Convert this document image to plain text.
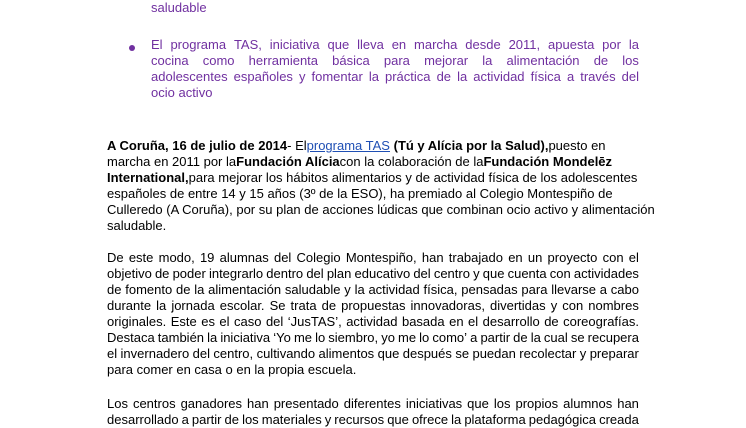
saludable
El programa TAS, iniciativa que lleva en marcha desde 2011, apuesta por la
cocina como herramienta básica para mejorar la alimentación de los
adolescentes españoles y fomentar la práctica de la actividad física a través del
ocio activo
A Coruña, 16 de julio de 2014- Elprograma TAS (Tú y Alícia por la Salud),puesto en
marcha en 2011 por laFundación Alíciacon la colaboración de laFundación Mondelēz
International,para mejorar los hábitos alimentarios y de actividad física de los adolescentes
españoles de entre 14 y 15 años (3º de la ESO), ha premiado al Colegio Montespiño de
Culleredo (A Coruña), por su plan de acciones lúdicas que combinan ocio activo y alimentación
saludable.
De este modo, 19 alumnas del Colegio Montespiño, han trabajado en un proyecto con el
objetivo de poder integrarlo dentro del plan educativo del centro y que cuenta con actividades
de fomento de la alimentación saludable y la actividad física, pensadas para llevarse a cabo
durante la jornada escolar. Se trata de propuestas innovadoras, divertidas y con nombres
originales. Este es el caso del ‘JusTAS’, actividad basada en el desarrollo de coreografías.
Destaca también la iniciativa ‘Yo me lo siembro, yo me lo como’ a partir de la cual se recupera
el invernadero del centro, cultivando alimentos que después se puedan recolectar y preparar
para comer en casa o en la propia escuela.
Los centros ganadores han presentado diferentes iniciativas que los propios alumnos han
desarrollado a partir de los materiales y recursos que ofrece la plataforma pedagógica creada
